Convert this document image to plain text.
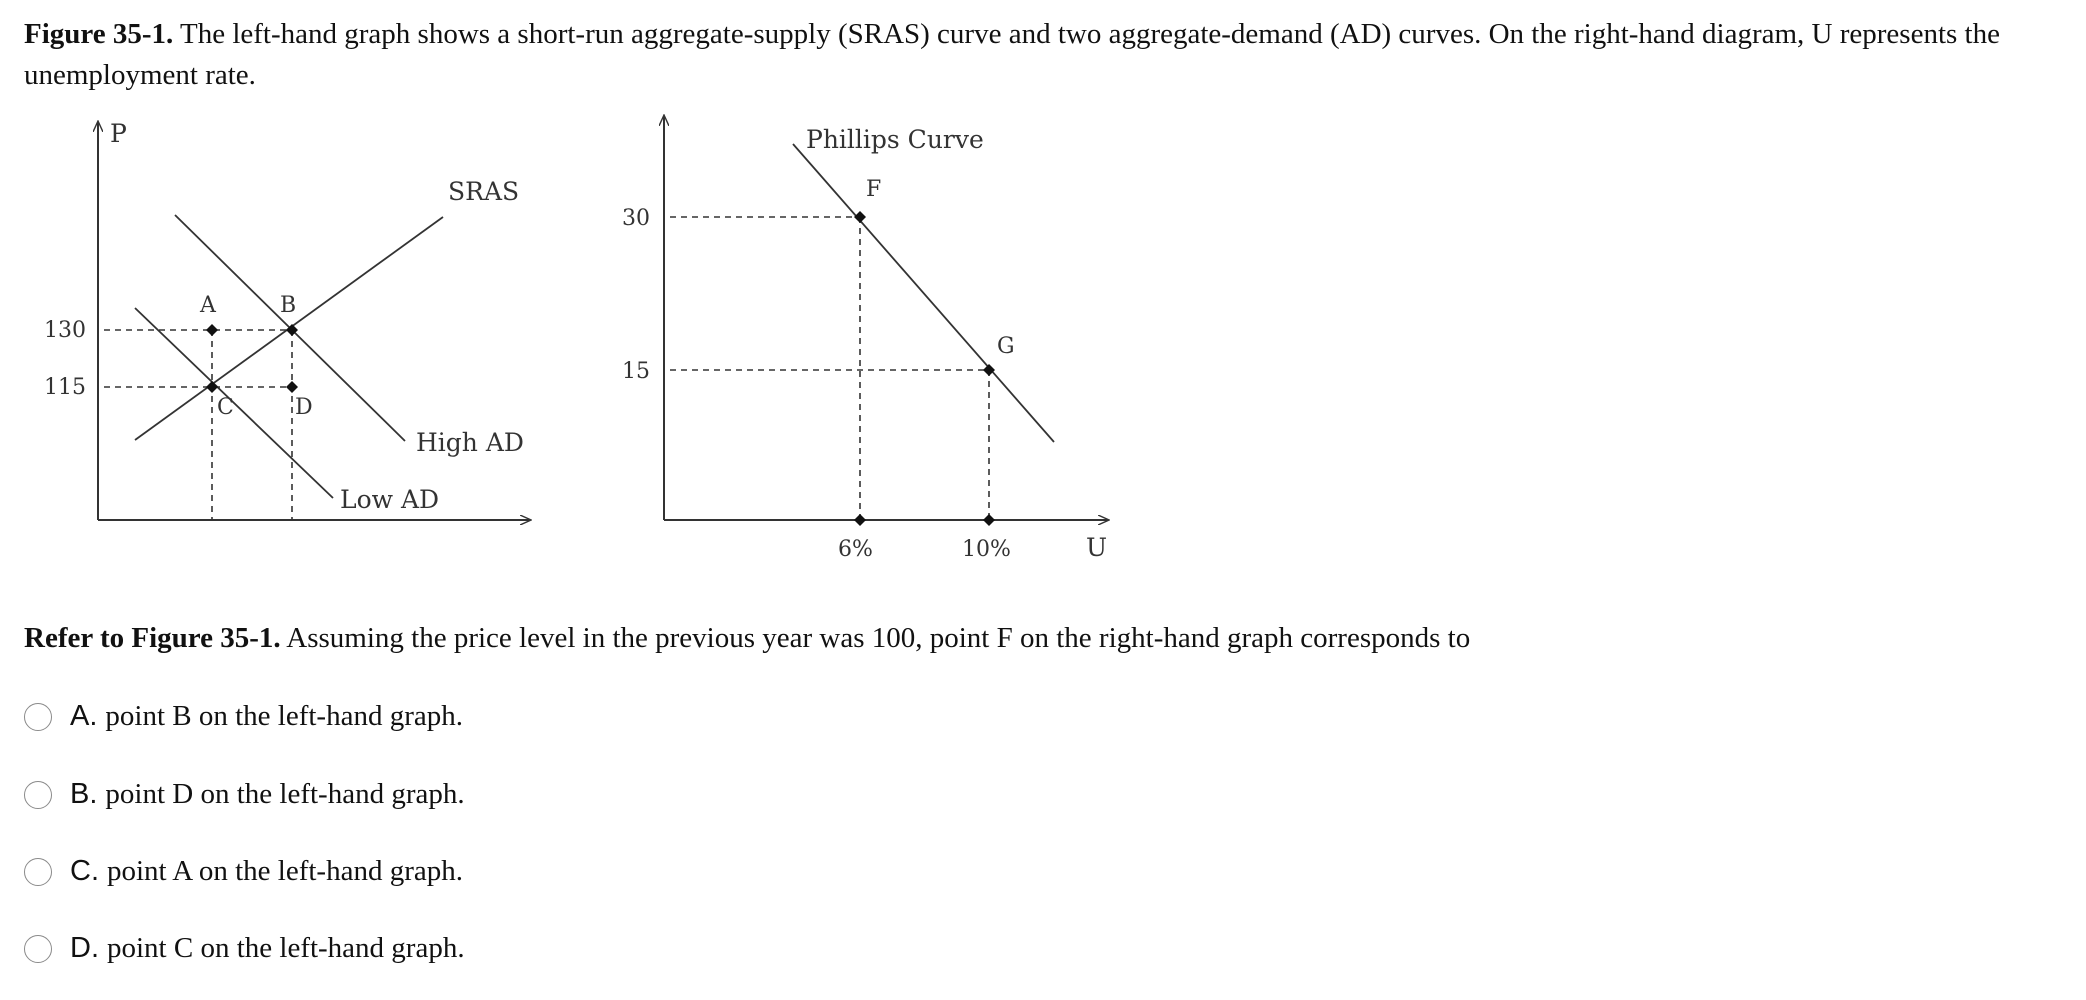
Figure 35-1. The left-hand graph shows a short-run aggregate-supply (SRAS) curve and two aggregate-demand (AD) curves. On the right-hand diagram, U represents the unemployment rate.
P
SRAS
High AD
Low AD
130
115
A	B
C	D
Phillips Curve
30
15
6%	10%	U
F
G
Refer to Figure 35-1. Assuming the price level in the previous year was 100, point F on the right-hand graph corresponds to
A. point B on the left-hand graph.
B. point D on the left-hand graph.
C. point A on the left-hand graph.
D. point C on the left-hand graph.
